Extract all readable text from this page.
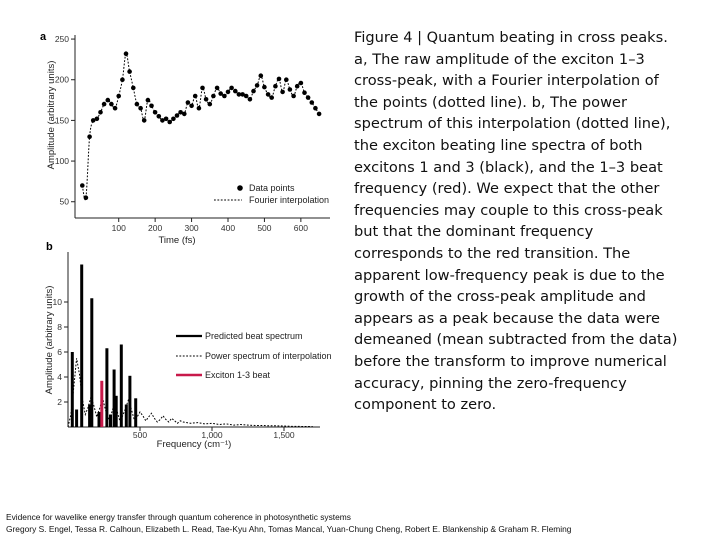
a
50
100
150
200
250
100	200	300	400	500	600
Time (fs)
Amplitude (arbitrary units)
Data points
Fourier interpolation
b
2
4
6
8
10
500	1,000	1,500
Frequency (cm⁻¹)
Amplitude (arbitrary units)	Predicted beat spectrum
Power spectrum of interpolation
Exciton 1-3 beat
Figure 4 | Quantum beating in cross peaks. a, The raw amplitude of the exciton 1–3 cross-peak, with a Fourier interpolation of the points (dotted line). b, The power spectrum of this interpolation (dotted line), the exciton beating line spectra of both excitons 1 and 3 (black), and the 1–3 beat frequency (red). We expect that the other frequencies may couple to this cross-peak but that the dominant frequency corresponds to the red transition. The apparent low-frequency peak is due to the growth of the cross-peak amplitude and appears as a peak because the data were demeaned (mean subtracted from the data) before the transform to improve numerical accuracy, pinning the zero-frequency component to zero.
Evidence for wavelike energy transfer through quantum coherence in photosynthetic systems
Gregory S. Engel, Tessa R. Calhoun, Elizabeth L. Read, Tae-Kyu Ahn, Tomas Mancal, Yuan-Chung Cheng, Robert E. Blankenship & Graham R. Fleming
